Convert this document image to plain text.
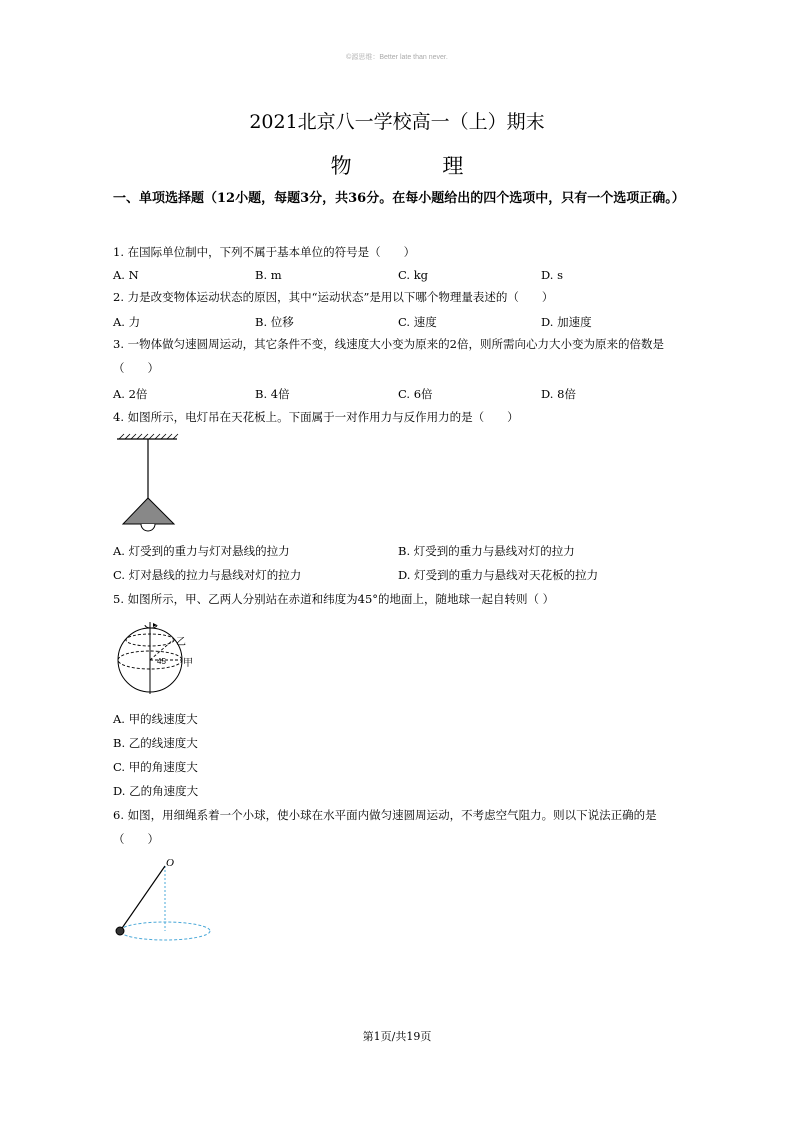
©源思维：Better late than never.
2021北京八一学校高一（上）期末
物 理
一、单项选择题（12小题，每题3分，共36分。在每小题给出的四个选项中，只有一个选项正确。）
1. 在国际单位制中，下列不属于基本单位的符号是（　　）
A. N	B. m	C. kg	D. s
2. 力是改变物体运动状态的原因，其中“运动状态”是用以下哪个物理量表述的（　　）
A. 力	B. 位移	C. 速度	D. 加速度
3. 一物体做匀速圆周运动，其它条件不变，线速度大小变为原来的2倍，则所需向心力大小变为原来的倍数是（　　）
A. 2倍	B. 4倍	C. 6倍	D. 8倍
4. 如图所示，电灯吊在天花板上。下面属于一对作用力与反作用力的是（　　）
A. 灯受到的重力与灯对悬线的拉力	B. 灯受到的重力与悬线对灯的拉力
C. 灯对悬线的拉力与悬线对灯的拉力	D. 灯受到的重力与悬线对天花板的拉力
5. 如图所示，甲、乙两人分别站在赤道和纬度为45°的地面上，随地球一起自转则（ ）
45
乙
甲
A. 甲的线速度大
B. 乙的线速度大
C. 甲的角速度大
D. 乙的角速度大
6. 如图，用细绳系着一个小球，使小球在水平面内做匀速圆周运动，不考虑空气阻力。则以下说法正确的是（　　）
O
第1页/共19页
